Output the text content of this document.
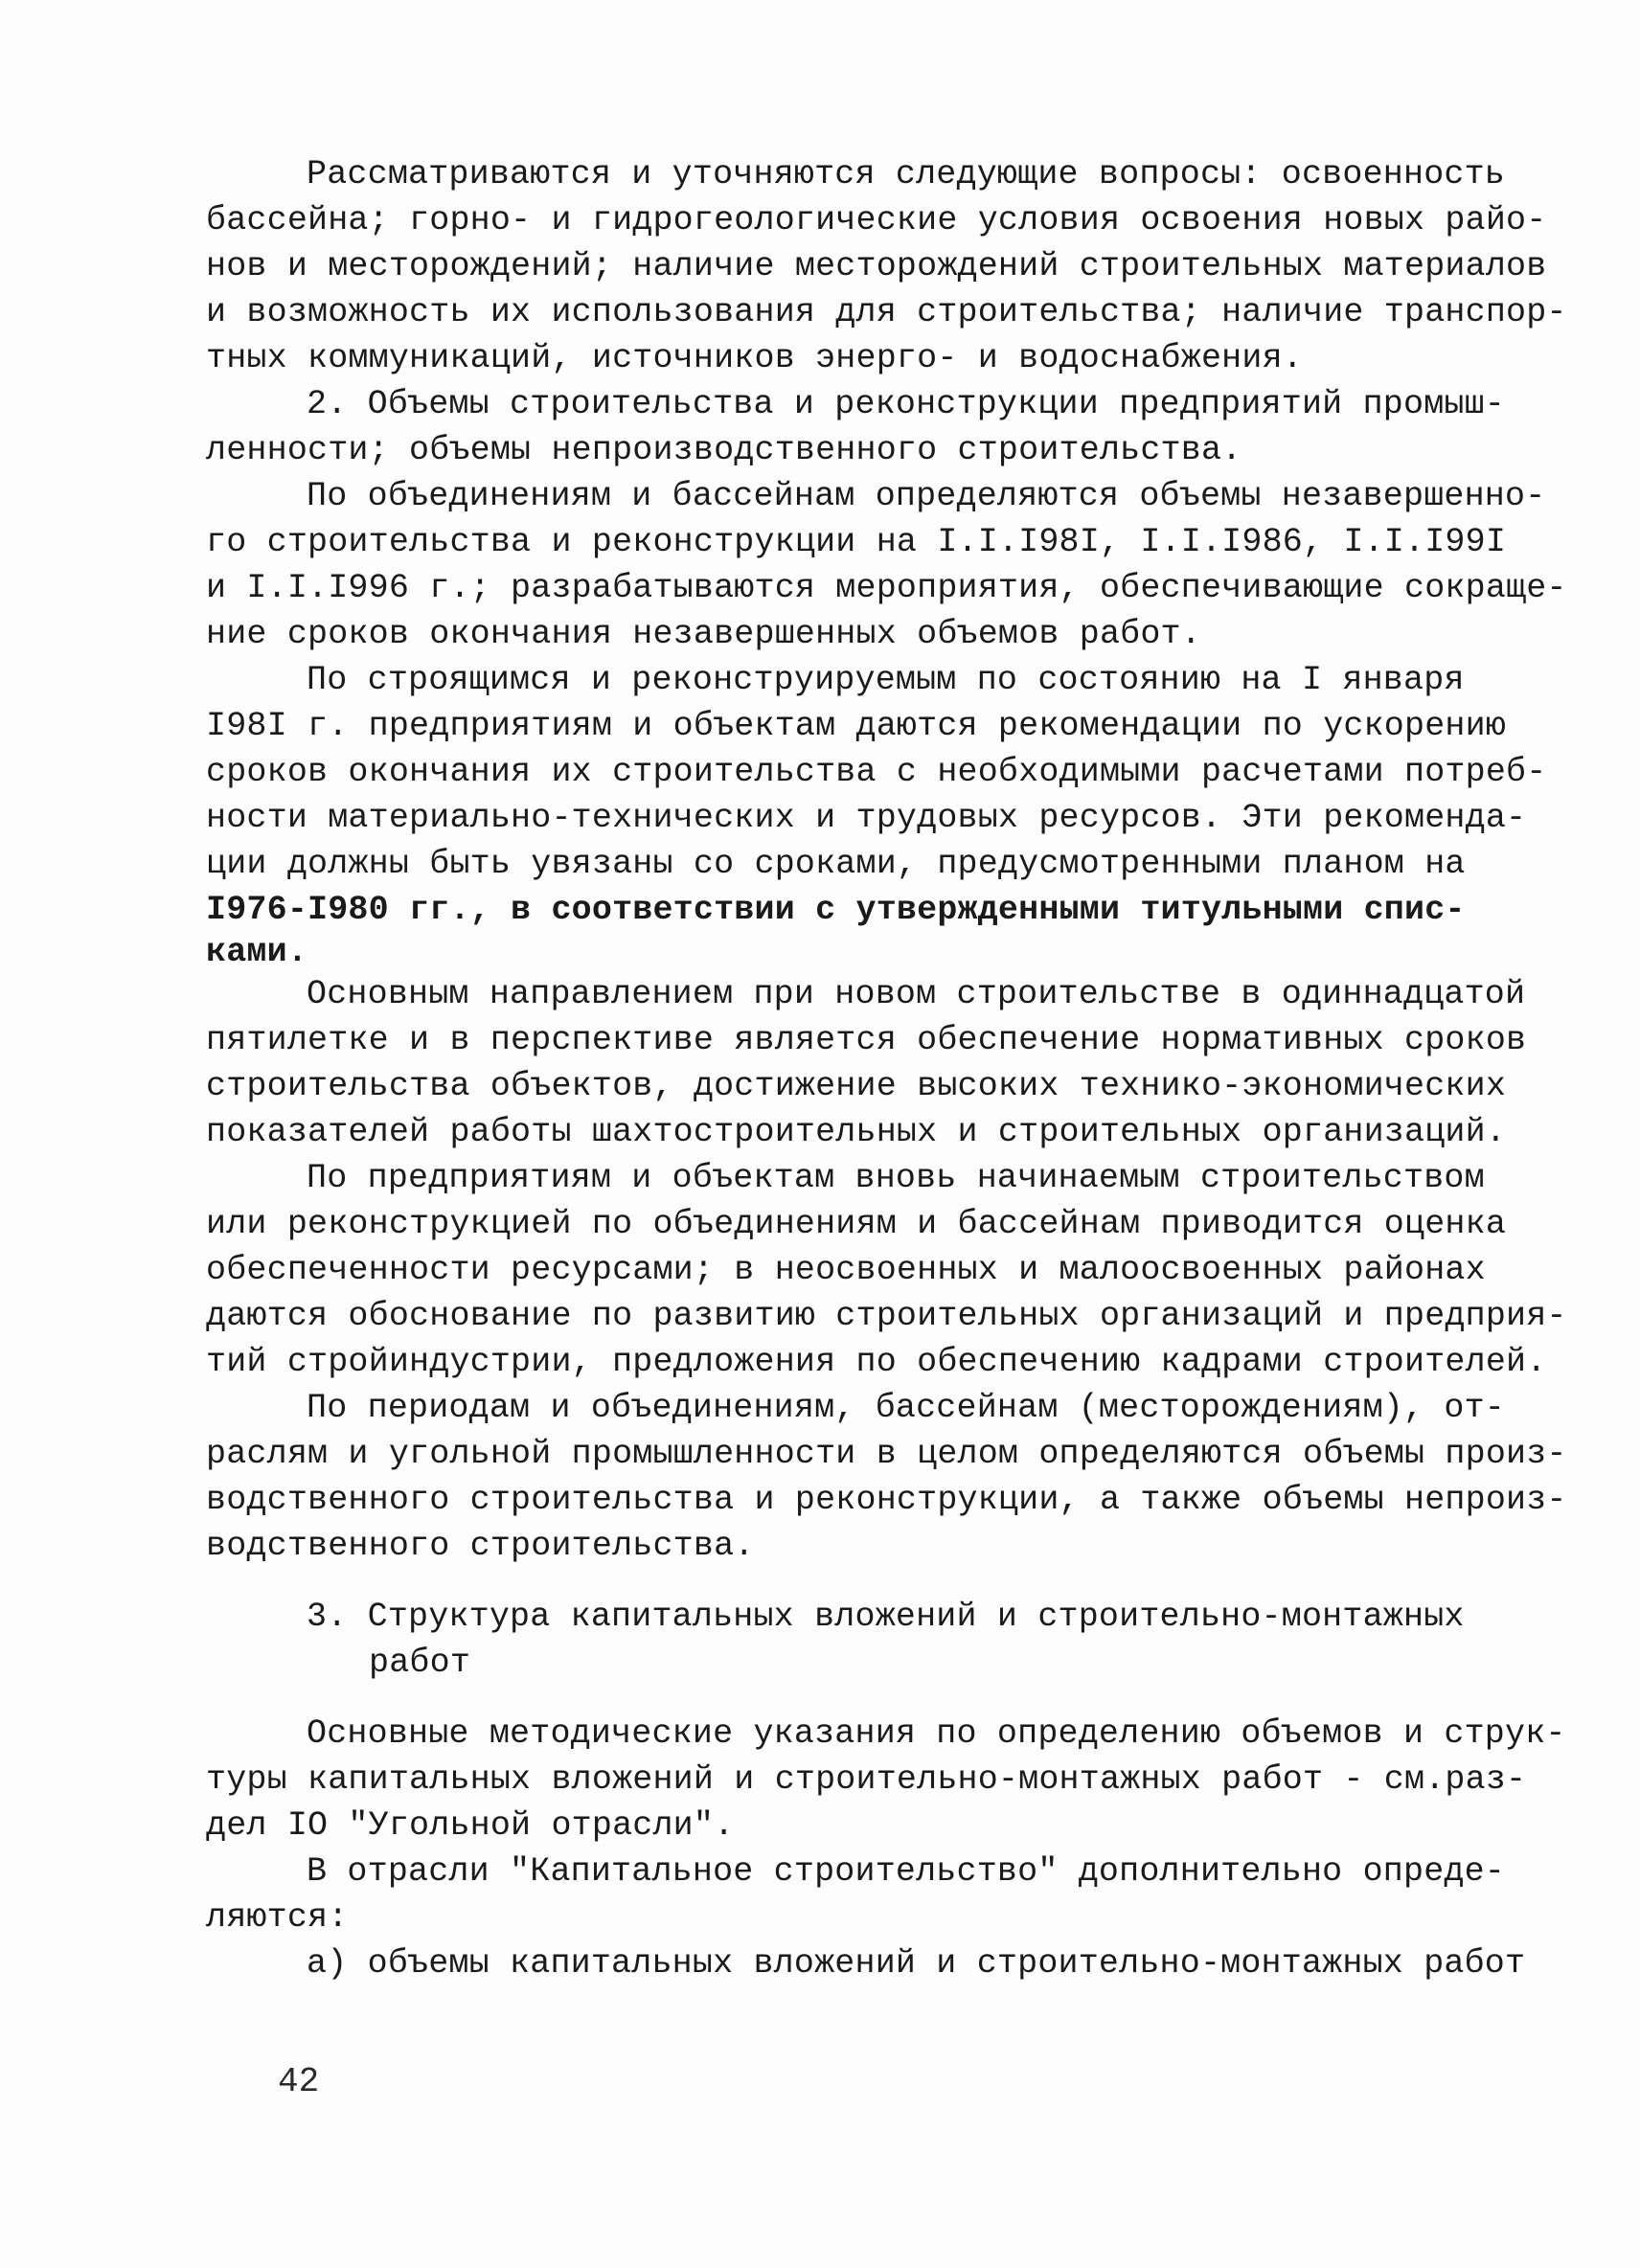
Рассматриваются и уточняются следующие вопросы: освоенность
бассейна; горно- и гидрогеологические условия освоения новых райо-
нов и месторождений; наличие месторождений строительных материалов
и возможность их использования для строительства; наличие транспор-
тных коммуникаций, источников энерго- и водоснабжения.
2. Объемы строительства и реконструкции предприятий промыш-
ленности; объемы непроизводственного строительства.
По объединениям и бассейнам определяются объемы незавершенно-
го строительства и реконструкции на I.I.I98I, I.I.I986, I.I.I99I
и I.I.I996 г.; разрабатываются мероприятия, обеспечивающие сокраще-
ние сроков окончания незавершенных объемов работ.
По строящимся и реконструируемым по состоянию на I января
I98I г. предприятиям и объектам даются рекомендации по ускорению
сроков окончания их строительства с необходимыми расчетами потреб-
ности материально-технических и трудовых ресурсов. Эти рекоменда-
ции должны быть увязаны со сроками, предусмотренными планом на
I976-I980 гг., в соответствии с утвержденными титульными спис-
ками.
Основным направлением при новом строительстве в одиннадцатой
пятилетке и в перспективе является обеспечение нормативных сроков
строительства объектов, достижение высоких технико-экономических
показателей работы шахтостроительных и строительных организаций.
По предприятиям и объектам вновь начинаемым строительством
или реконструкцией по объединениям и бассейнам приводится оценка
обеспеченности ресурсами; в неосвоенных и малоосвоенных районах
даются обоснование по развитию строительных организаций и предприя-
тий стройиндустрии, предложения по обеспечению кадрами строителей.
По периодам и объединениям, бассейнам (месторождениям), от-
раслям и угольной промышленности в целом определяются объемы произ-
водственного строительства и реконструкции, а также объемы непроиз-
водственного строительства.
3. Структура капитальных вложений и строительно-монтажных
работ
Основные методические указания по определению объемов и струк-
туры капитальных вложений и строительно-монтажных работ - см.раз-
дел IO "Угольной отрасли".
В отрасли "Капитальное строительство" дополнительно опреде-
ляются:
а) объемы капитальных вложений и строительно-монтажных работ
42
